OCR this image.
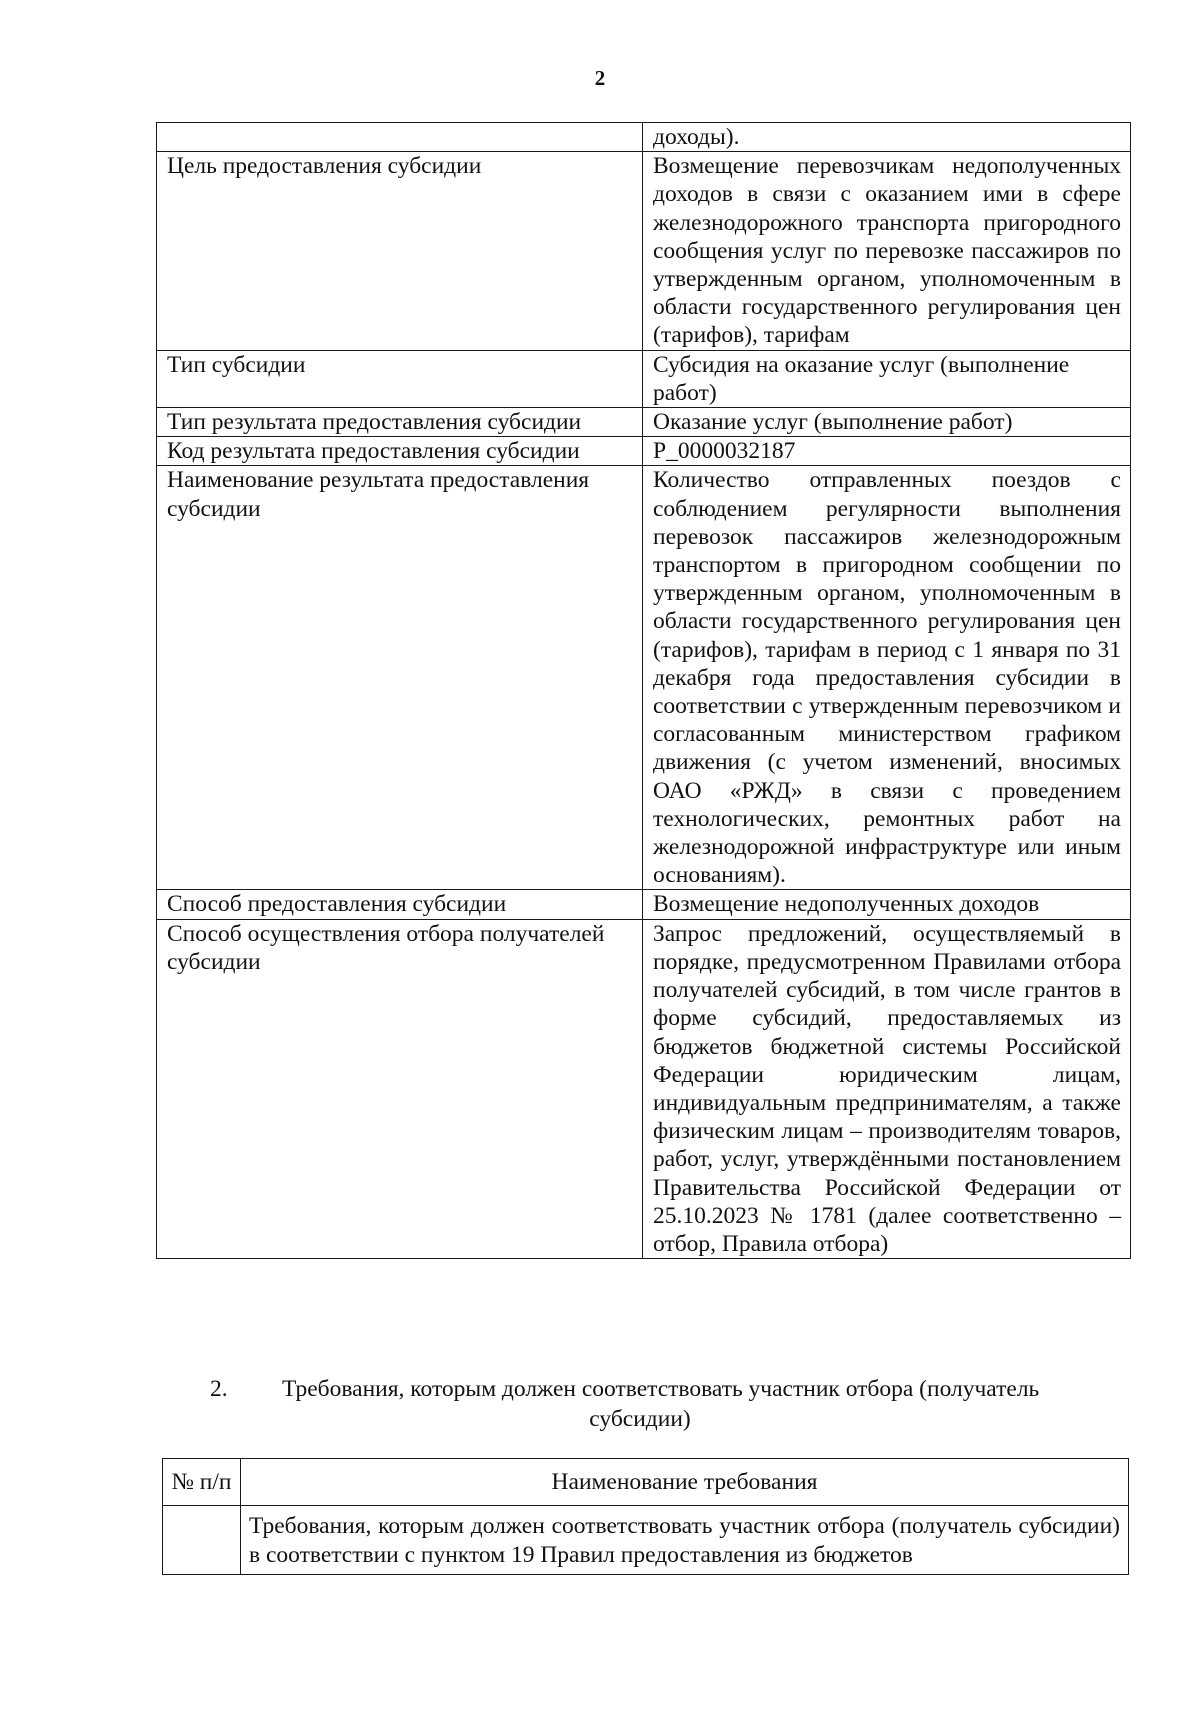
2
	доходы).
Цель предоставления субсидии	Возмещение перевозчикам недополученных доходов в связи с оказанием ими в сфере железнодорожного транспорта пригородного сообщения услуг по перевозке пассажиров по утвержденным органом, уполномоченным в области государственного регулирования цен (тарифов), тарифам
Тип субсидии	Субсидия на оказание услуг (выполнение работ)
Тип результата предоставления субсидии	Оказание услуг (выполнение работ)
Код результата предоставления субсидии	P_0000032187
Наименование результата предоставления субсидии	Количество отправленных поездов с соблюдением регулярности выполнения перевозок пассажиров железнодорожным транспортом в пригородном сообщении по утвержденным органом, уполномоченным в области государственного регулирования цен (тарифов), тарифам в период с 1 января по 31 декабря года предоставления субсидии в соответствии с утвержденным перевозчиком и согласованным министерством графиком движения (с учетом изменений, вносимых ОАО «РЖД» в связи с проведением технологических, ремонтных работ на железнодорожной инфраструктуре или иным основаниям).
Способ предоставления субсидии	Возмещение недополученных доходов
Способ осуществления отбора получателей субсидии	Запрос предложений, осуществляемый в порядке, предусмотренном Правилами отбора получателей субсидий, в том числе грантов в форме субсидий, предоставляемых из бюджетов бюджетной системы Российской Федерации юридическим лицам, индивидуальным предпринимателям, а также физическим лицам – производителям товаров, работ, услуг, утверждёнными постановлением Правительства Российской Федерации от 25.10.2023 № 1781 (далее соответственно – отбор, Правила отбора)
2. Требования, которым должен соответствовать участник отбора (получатель
субсидии)
№ п/п	Наименование требования
	Требования, которым должен соответствовать участник отбора (получатель субсидии) в соответствии с пунктом 19 Правил предоставления из бюджетов
